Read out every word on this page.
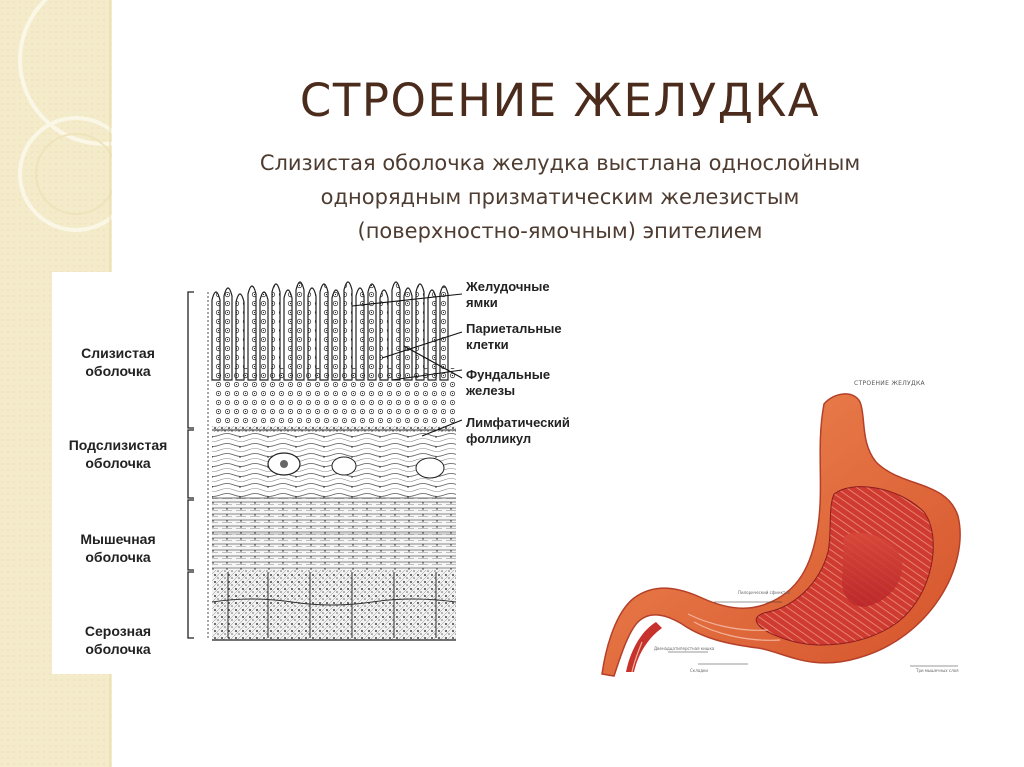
СТРОЕНИЕ ЖЕЛУДКА
Слизистая оболочка желудка выстлана однослойным
однорядным призматическим железистым
(поверхностно-ямочным) эпителием
Слизистая
оболочка
Подслизистая
оболочка
Мышечная
оболочка
Серозная
оболочка
Желудочные
ямки
Париетальные
клетки
Фундальные
железы
Лимфатический
фолликул
СТРОЕНИЕ ЖЕЛУДКА
Пилорический сфинктер
Двенадцатиперстная кишка
Складки	Три мышечных слоя
